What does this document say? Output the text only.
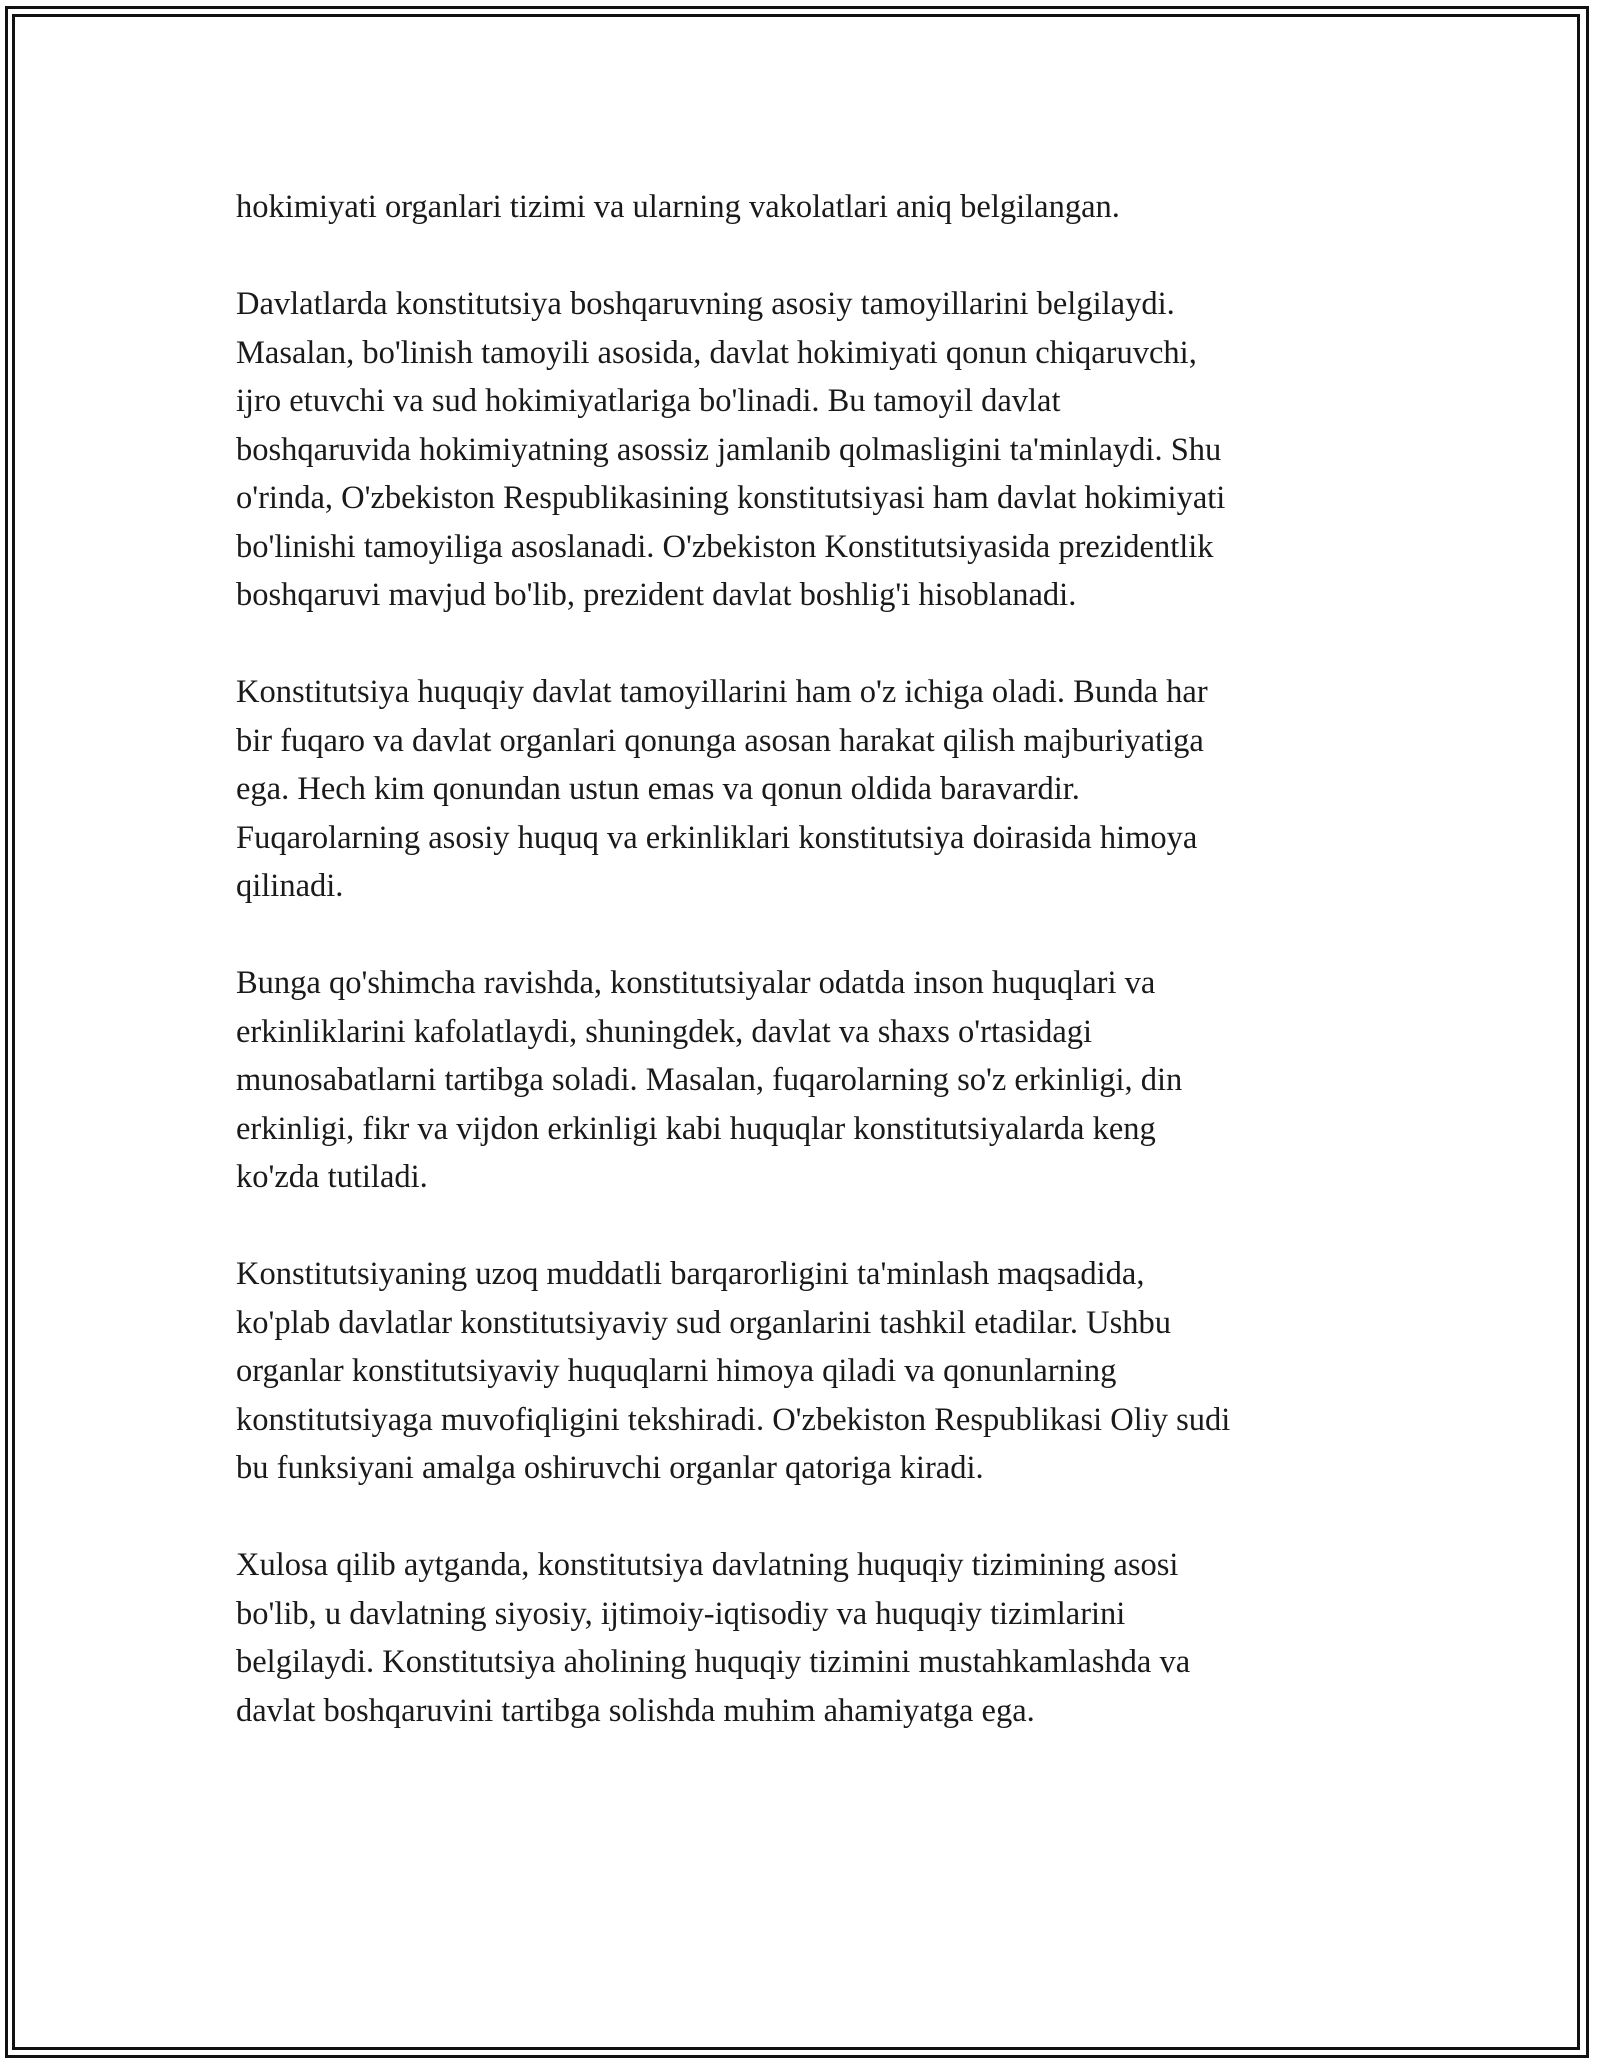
hokimiyati organlari tizimi va ularning vakolatlari aniq belgilangan.

Davlatlarda konstitutsiya boshqaruvning asosiy tamoyillarini belgilaydi.
Masalan, bo'linish tamoyili asosida, davlat hokimiyati qonun chiqaruvchi,
ijro etuvchi va sud hokimiyatlariga bo'linadi. Bu tamoyil davlat
boshqaruvida hokimiyatning asossiz jamlanib qolmasligini ta'minlaydi. Shu
o'rinda, O'zbekiston Respublikasining konstitutsiyasi ham davlat hokimiyati
bo'linishi tamoyiliga asoslanadi. O'zbekiston Konstitutsiyasida prezidentlik
boshqaruvi mavjud bo'lib, prezident davlat boshlig'i hisoblanadi.

Konstitutsiya huquqiy davlat tamoyillarini ham o'z ichiga oladi. Bunda har
bir fuqaro va davlat organlari qonunga asosan harakat qilish majburiyatiga
ega. Hech kim qonundan ustun emas va qonun oldida baravardir.
Fuqarolarning asosiy huquq va erkinliklari konstitutsiya doirasida himoya
qilinadi.

Bunga qo'shimcha ravishda, konstitutsiyalar odatda inson huquqlari va
erkinliklarini kafolatlaydi, shuningdek, davlat va shaxs o'rtasidagi
munosabatlarni tartibga soladi. Masalan, fuqarolarning so'z erkinligi, din
erkinligi, fikr va vijdon erkinligi kabi huquqlar konstitutsiyalarda keng
ko'zda tutiladi.

Konstitutsiyaning uzoq muddatli barqarorligini ta'minlash maqsadida,
ko'plab davlatlar konstitutsiyaviy sud organlarini tashkil etadilar. Ushbu
organlar konstitutsiyaviy huquqlarni himoya qiladi va qonunlarning
konstitutsiyaga muvofiqligini tekshiradi. O'zbekiston Respublikasi Oliy sudi
bu funksiyani amalga oshiruvchi organlar qatoriga kiradi.

Xulosa qilib aytganda, konstitutsiya davlatning huquqiy tizimining asosi
bo'lib, u davlatning siyosiy, ijtimoiy-iqtisodiy va huquqiy tizimlarini
belgilaydi. Konstitutsiya aholining huquqiy tizimini mustahkamlashda va
davlat boshqaruvini tartibga solishda muhim ahamiyatga ega.
